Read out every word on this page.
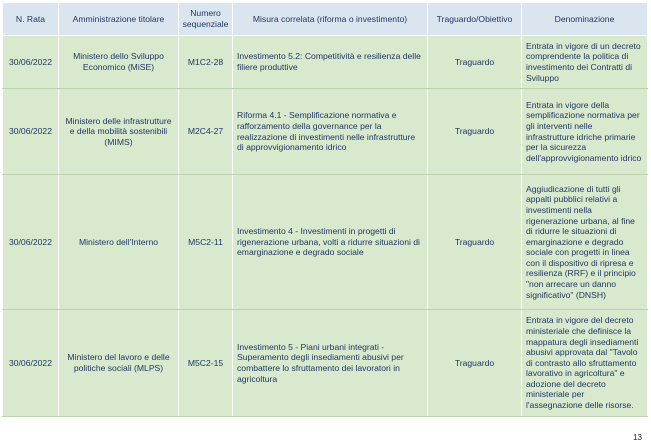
N. Rata	Amministrazione titolare	Numero sequenziale	Misura correlata (riforma o investimento)	Traguardo/Obiettivo	Denominazione
30/06/2022	Ministero dello Sviluppo Economico (MiSE)	M1C2-28	Investimento 5.2: Competitività e resilienza delle filiere produttive	Traguardo	Entrata in vigore di un decreto comprendente la politica di investimento dei Contratti di Sviluppo
30/06/2022	Ministero delle infrastrutture e della mobilità sostenibili (MIMS)	M2C4-27	Riforma 4.1 - Semplificazione normativa e rafforzamento della governance per la realizzazione di investimenti nelle infrastrutture di approvvigionamento idrico	Traguardo	Entrata in vigore della semplificazione normativa per gli interventi nelle infrastrutture idriche primarie per la sicurezza dell'approvvigionamento idrico
30/06/2022	Ministero dell'Interno	M5C2-11	Investimento 4 - Investimenti in progetti di rigenerazione urbana, volti a ridurre situazioni di emarginazione e degrado sociale	Traguardo	Aggiudicazione di tutti gli appalti pubblici relativi a investimenti nella rigenerazione urbana, al fine di ridurre le situazioni di emarginazione e degrado sociale con progetti in linea con il dispositivo di ripresa e resilienza (RRF) e il principio "non arrecare un danno significativo" (DNSH)
30/06/2022	Ministero del lavoro e delle politiche sociali (MLPS)	M5C2-15	Investimento 5 - Piani urbani integrati - Superamento degli insediamenti abusivi per combattere lo sfruttamento dei lavoratori in agricoltura	Traguardo	Entrata in vigore del decreto ministeriale che definisce la mappatura degli insediamenti abusivi approvata dal "Tavolo di contrasto allo sfruttamento lavorativo in agricoltura" e adozione del decreto ministeriale per l'assegnazione delle risorse.
13
